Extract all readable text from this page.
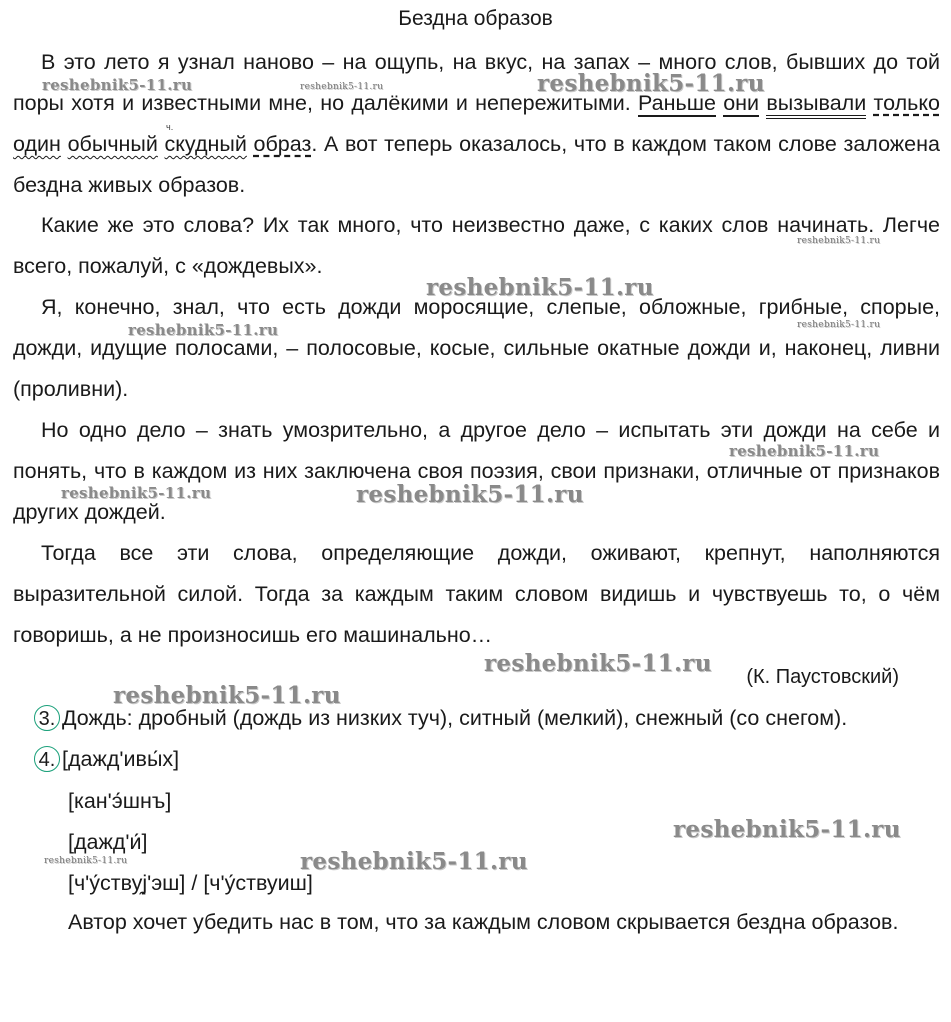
Бездна образов
В это лето я узнал наново – на ощупь, на вкус, на запах – много слов, бывших до той поры хотя и известными мне, но далёкими и непережитыми. Раньше они вызывали только один обычный скудный образ. А вот теперь оказалось, что в каждом таком слове заложена бездна живых образов.
Какие же это слова? Их так много, что неизвестно даже, с каких слов начинать. Легче всего, пожалуй, с «дождевых».
Я, конечно, знал, что есть дожди моросящие, слепые, обложные, грибные, спорые, дожди, идущие полосами, – полосовые, косые, сильные окатные дожди и, наконец, ливни (проливни).
Но одно дело – знать умозрительно, а другое дело – испытать эти дожди на себе и понять, что в каждом из них заключена своя поэзия, свои признаки, отличные от признаков других дождей.
Тогда все эти слова, определяющие дожди, оживают, крепнут, наполняются выразительной силой. Тогда за каждым таким словом видишь и чувствуешь то, о чём говоришь, а не произносишь его машинально…
(К. Паустовский)
3. Дождь: дробный (дождь из низких туч), ситный (мелкий), снежный (со снегом).
4. [дажд'ивы́х]
[кан'э́шнъ]
[дажд'и́]
[ч'у́ству̯j'эш] / [ч'у́ствуиш]
Автор хочет убедить нас в том, что за каждым словом скрывается бездна образов.
ч.
reshebnik5-11.ru	reshebnik5-11.ru	reshebnik5-11.ru
reshebnik5-11.ru
reshebnik5-11.ru
reshebnik5-11.ru	reshebnik5-11.ru
reshebnik5-11.ru
reshebnik5-11.ru	reshebnik5-11.ru
reshebnik5-11.ru
reshebnik5-11.ru
reshebnik5-11.ru
reshebnik5-11.ru
reshebnik5-11.ru
